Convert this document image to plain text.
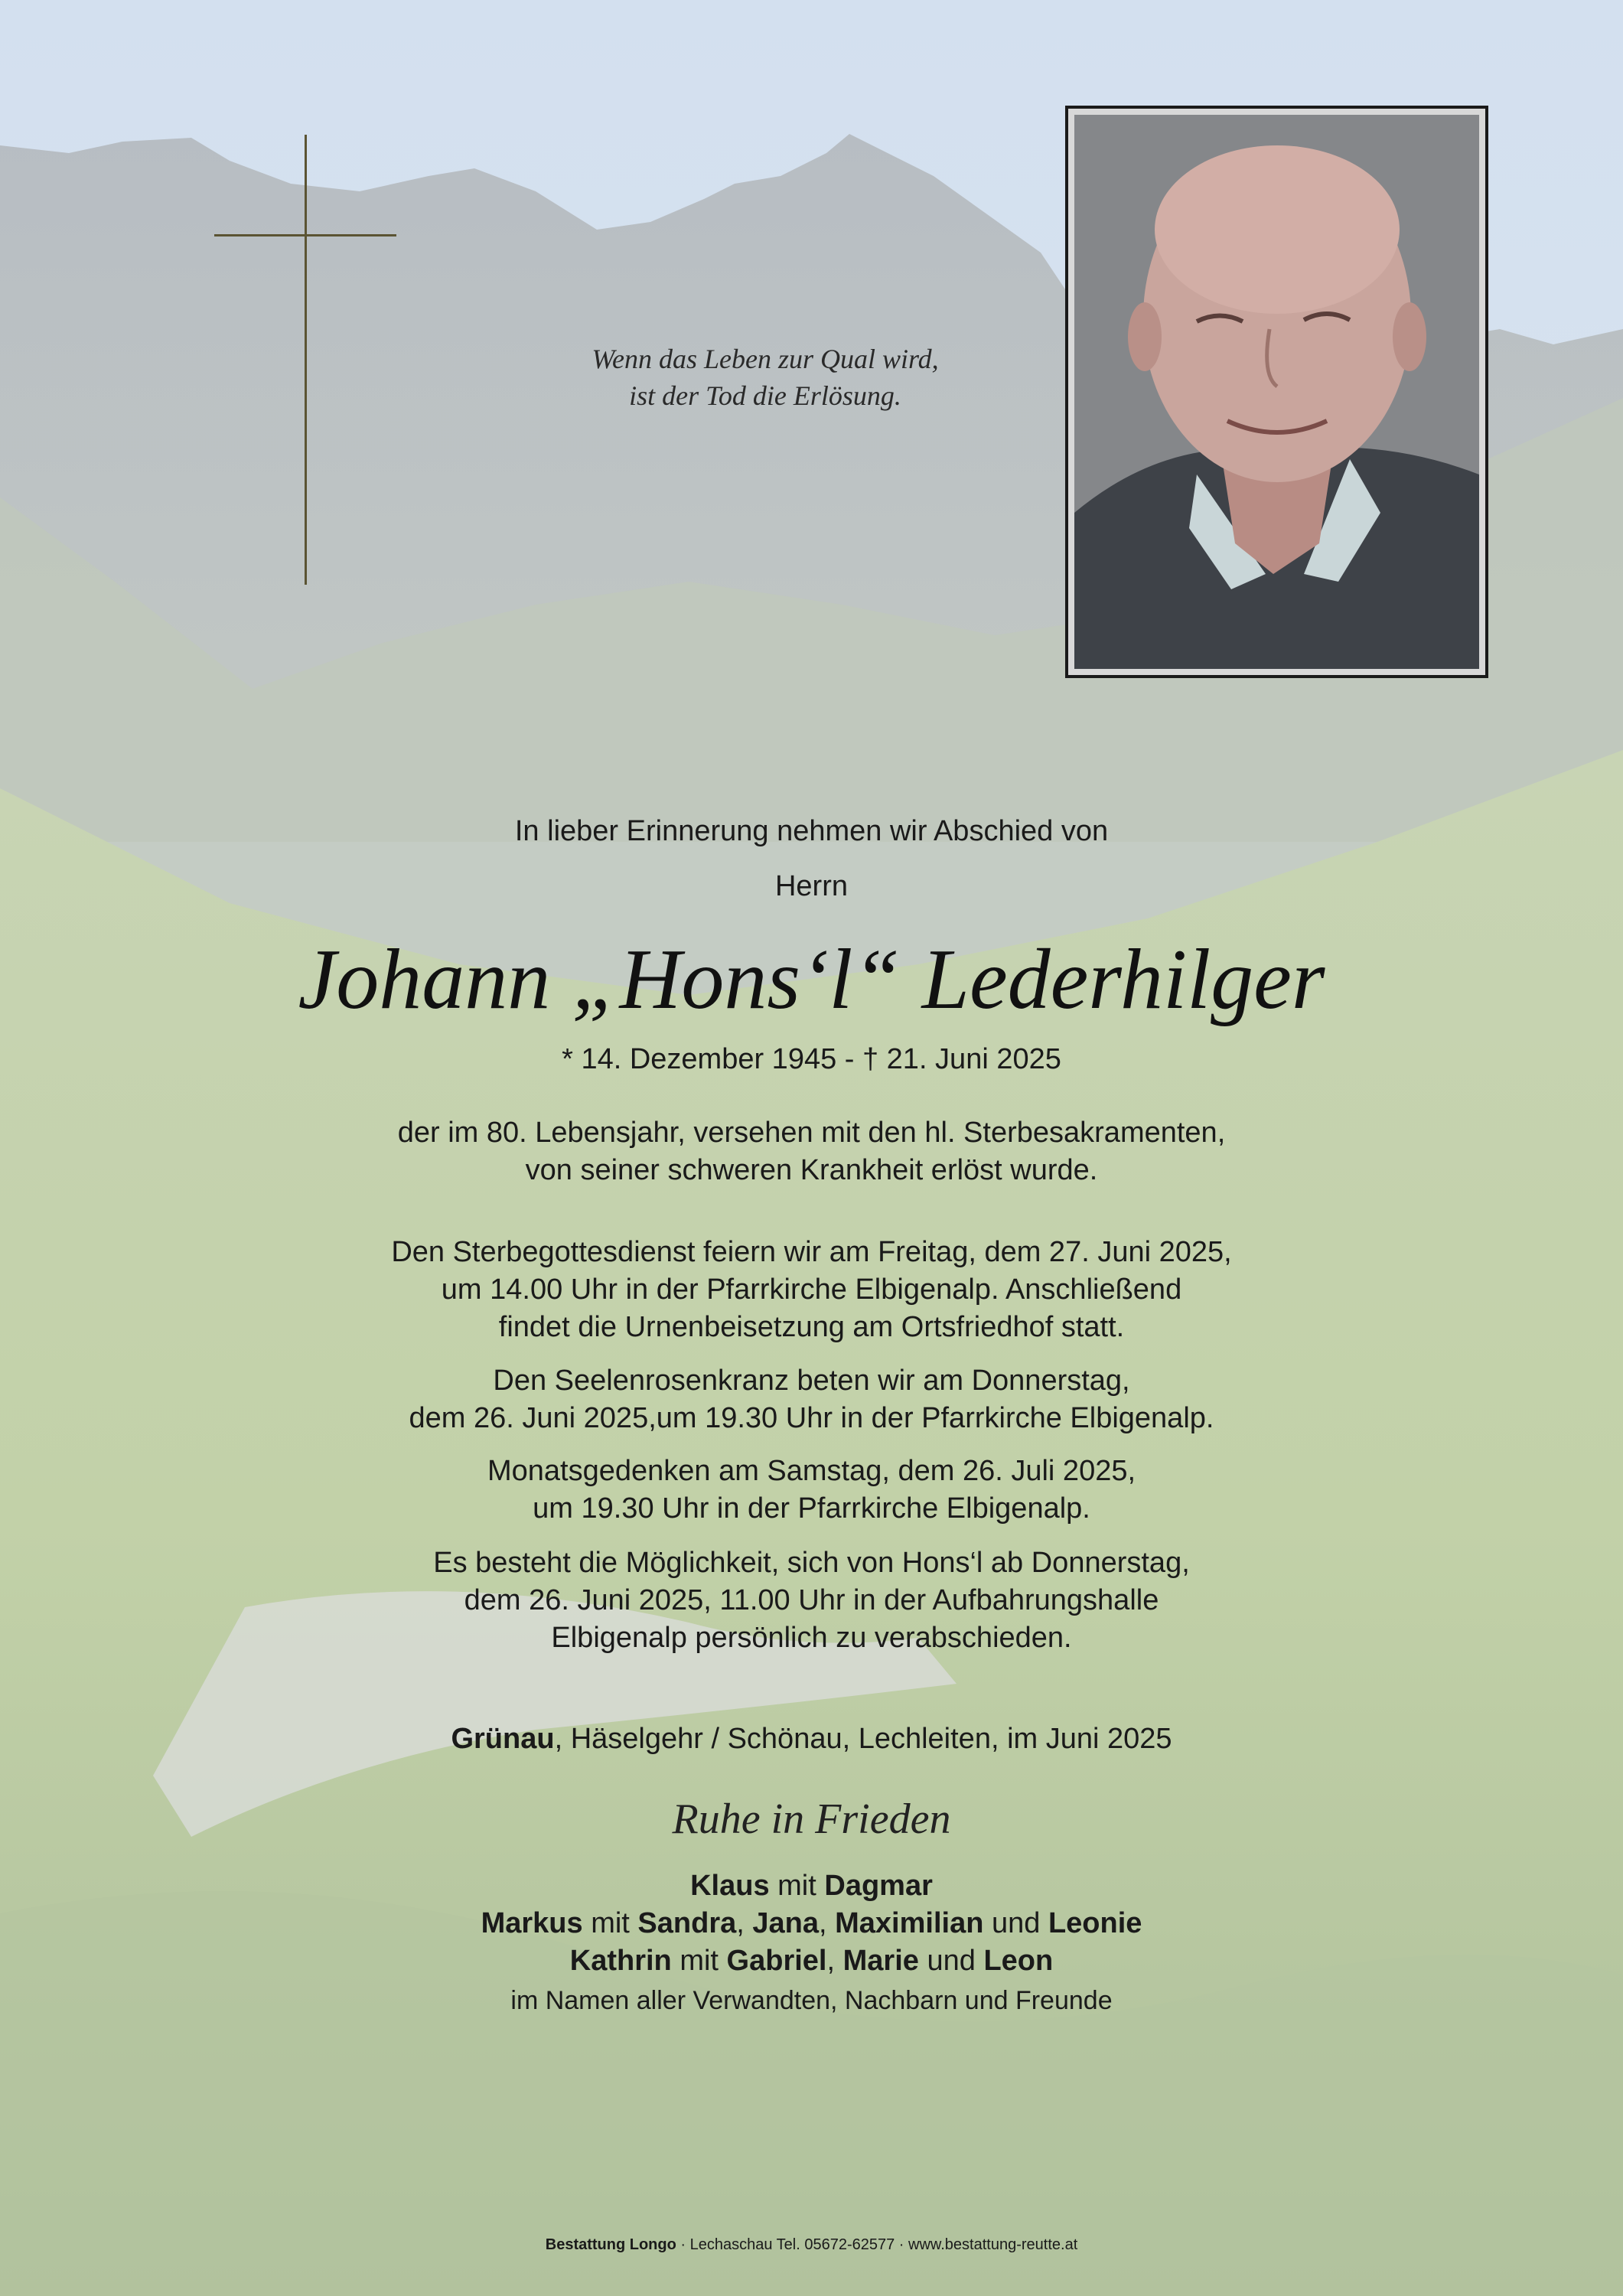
Wenn das Leben zur Qual wird,
ist der Tod die Erlösung.
In lieber Erinnerung nehmen wir Abschied von
Herrn
Johann „Hons‘l“ Lederhilger
* 14. Dezember 1945 - † 21. Juni 2025
der im 80. Lebensjahr, versehen mit den hl. Sterbesakramenten,
von seiner schweren Krankheit erlöst wurde.
Den Sterbegottesdienst feiern wir am Freitag, dem 27. Juni 2025,
um 14.00 Uhr in der Pfarrkirche Elbigenalp. Anschließend
findet die Urnenbeisetzung am Ortsfriedhof statt.
Den Seelenrosenkranz beten wir am Donnerstag,
dem 26. Juni 2025,um 19.30 Uhr in der Pfarrkirche Elbigenalp.
Monatsgedenken am Samstag, dem 26. Juli 2025,
um 19.30 Uhr in der Pfarrkirche Elbigenalp.
Es besteht die Möglichkeit, sich von Hons‘l ab Donnerstag,
dem 26. Juni 2025, 11.00 Uhr in der Aufbahrungshalle
Elbigenalp persönlich zu verabschieden.
Grünau, Häselgehr / Schönau, Lechleiten, im Juni 2025
Ruhe in Frieden
Klaus mit Dagmar
Markus mit Sandra, Jana, Maximilian und Leonie
Kathrin mit Gabriel, Marie und Leon
im Namen aller Verwandten, Nachbarn und Freunde
Bestattung Longo · Lechaschau Tel. 05672-62577 · www.bestattung-reutte.at
